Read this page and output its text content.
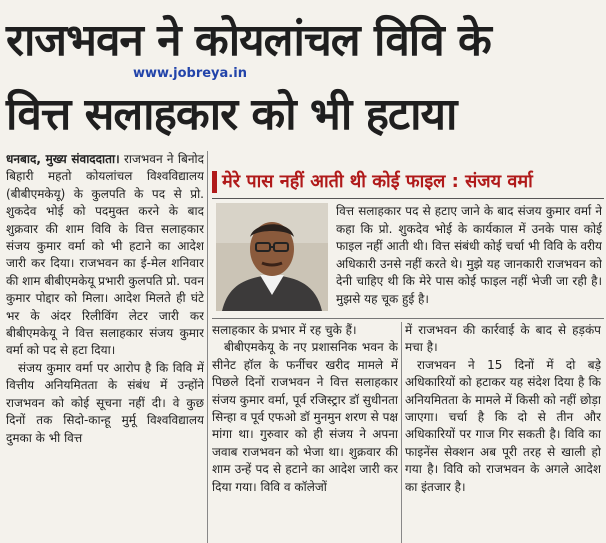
राजभवन ने कोयलांचल विवि के
www.jobreya.in
वित्त सलाहकार को भी हटाया

धनबाद, मुख्य संवाददाता। राजभवन ने बिनोद बिहारी महतो कोयलांचल विश्वविद्यालय (बीबीएमकेयू) के कुलपति के पद से प्रो. शुकदेव भोई को पदमुक्त करने के बाद शुक्रवार की शाम विवि के वित्त सलाहकार संजय कुमार वर्मा को भी हटाने का आदेश जारी कर दिया। राजभवन का ई-मेल शनिवार की शाम बीबीएमकेयू प्रभारी कुलपति प्रो. पवन कुमार पोद्दार को मिला। आदेश मिलते ही घंटे भर के अंदर रिलीविंग लेटर जारी कर बीबीएमकेयू ने वित्त सलाहकार संजय कुमार वर्मा को पद से हटा दिया।

संजय कुमार वर्मा पर आरोप है कि विवि में वित्तीय अनियमितता के संबंध में उन्होंने राजभवन को कोई सूचना नहीं दी। वे कुछ दिनों तक सिदो-कान्हू मुर्मू विश्वविद्यालय दुमका के भी वित्त

मेरे पास नहीं आती थी कोई फाइल : संजय वर्मा
वित्त सलाहकार पद से हटाए जाने के बाद संजय कुमार वर्मा ने कहा कि प्रो. शुकदेव भोई के कार्यकाल में उनके पास कोई फाइल नहीं आती थी। वित्त संबंधी कोई चर्चा भी विवि के वरीय अधिकारी उनसे नहीं करते थे। मुझे यह जानकारी राजभवन को देनी चाहिए थी कि मेरे पास कोई फाइल नहीं भेजी जा रही है। मुझसे यह चूक हुई है।

सलाहकार के प्रभार में रह चुके हैं।

बीबीएमकेयू के नए प्रशासनिक भवन के सीनेट हॉल के फर्नीचर खरीद मामले में पिछले दिनों राजभवन ने वित्त सलाहकार संजय कुमार वर्मा, पूर्व रजिस्ट्रार डॉ सुधीनता सिन्हा व पूर्व एफओ डॉ मुनमुन शरण से पक्ष मांगा था। गुरुवार को ही संजय ने अपना जवाब राजभवन को भेजा था। शुक्रवार की शाम उन्हें पद से हटाने का आदेश जारी कर दिया गया। विवि व कॉलेजों

में राजभवन की कार्रवाई के बाद से हड़कंप मचा है।

राजभवन ने 15 दिनों में दो बड़े अधिकारियों को हटाकर यह संदेश दिया है कि अनियमितता के मामले में किसी को नहीं छोड़ा जाएगा। चर्चा है कि दो से तीन और अधिकारियों पर गाज गिर सकती है। विवि का फाइनेंस सेक्शन अब पूरी तरह से खाली हो गया है। विवि को राजभवन के अगले आदेश का इंतजार है।
